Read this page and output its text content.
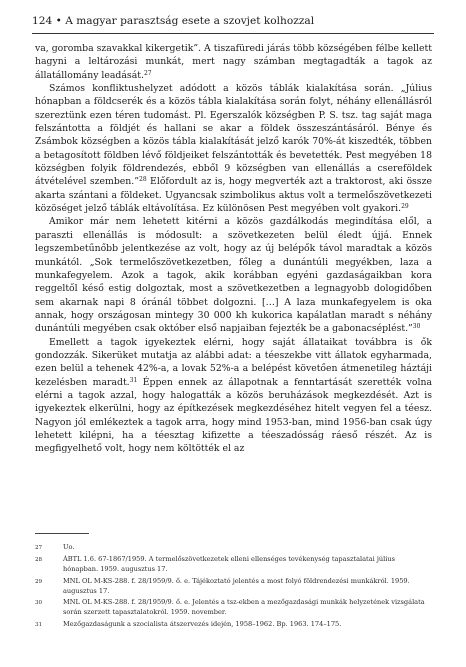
124 • A magyar parasztság esete a szovjet kolhozzal

va, goromba szavakkal kikergetik”. A tiszafüredi járás több községében félbe kellett hagyni a leltározási munkát, mert nagy számban megtagadták a tagok az állatállomány leadását.$^{27}$

Számos konfliktushelyzet adódott a közös táblák kialakítása során. „Július hónapban a földcserék és a közös tábla kialakítása során folyt, néhány ellenállásról szereztünk ezen téren tudomást. Pl. Egerszalók községben P. S. tsz. tag saját maga felszántotta a földjét és hallani se akar a földek összeszántásáról. Bénye és Zsámbok községben a közös tábla kialakítását jelző karók 70%-át kiszedték, többen a betagosított földben lévő földjeiket felszántották és bevetették. Pest megyében 18 községben folyik földrendezés, ebből 9 községben van ellenállás a csereföldek átvételével szemben.”$^{28}$ Előfordult az is, hogy megverték azt a traktorost, aki össze akarta szántani a földeket. Ugyancsak szimbolikus aktus volt a termelőszövetkezeti közöséget jelző táblák eltávolítása. Ez különösen Pest megyében volt gyakori.$^{29}$

Amikor már nem lehetett kitérni a közös gazdálkodás megindítása elől, a paraszti ellenállás is módosult: a szövetkezeten belül éledt újjá. Ennek legszembetűnőbb jelentkezése az volt, hogy az új belépők távol maradtak a közös munkától. „Sok termelőszövetkezetben, főleg a dunántúli megyékben, laza a munkafegyelem. Azok a tagok, akik korábban egyéni gazdaságaikban kora reggeltől késő estig dolgoztak, most a szövetkezetben a legnagyobb dologidőben sem akarnak napi 8 óránál többet dolgozni. […] A laza munkafegyelem is oka annak, hogy országosan mintegy 30 000 kh kukorica kapálatlan maradt s néhány dunántúli megyében csak október első napjaiban fejezték be a gabonacséplést.”$^{30}$

Emellett a tagok igyekeztek elérni, hogy saját állataikat továbbra is ők gondozzák. Sikerüket mutatja az alábbi adat: a téeszekbe vitt állatok egyharmada, ezen belül a tehenek 42%-a, a lovak 52%-a a belépést követően átmenetileg háztáji kezelésben maradt.$^{31}$ Éppen ennek az állapotnak a fenntartását szerették volna elérni a tagok azzal, hogy halogatták a közös beruházások megkezdését. Azt is igyekeztek elkerülni, hogy az építkezések megkezdéséhez hitelt vegyen fel a téesz. Nagyon jól emlékeztek a tagok arra, hogy mind 1953-ban, mind 1956-ban csak úgy lehetett kilépni, ha a téesztag kifizette a téeszadósság ráeső részét. Az is megfigyelhető volt, hogy nem költötték el az

27	Uo.
28	ÁBTL 1.6. 67-1867/1959. A termelőszövetkezetek elleni ellenséges tevékenység tapasztalatai július hónapban. 1959. augusztus 17.
29	MNL OL M-KS-288. f. 28/1959/9. ő. e. Tájékoztató jelentés a most folyó földrendezési munkákról. 1959. augusztus 17.
30	MNL OL M-KS-288. f. 28/1959/9. ő. e. Jelentés a tsz-ekben a mezőgazdasági munkák helyzetének vizsgálata során szerzett tapasztalatokról. 1959. november.
31	Mezőgazdaságunk a szocialista átszervezés idején, 1958–1962. Bp. 1963. 174–175.
